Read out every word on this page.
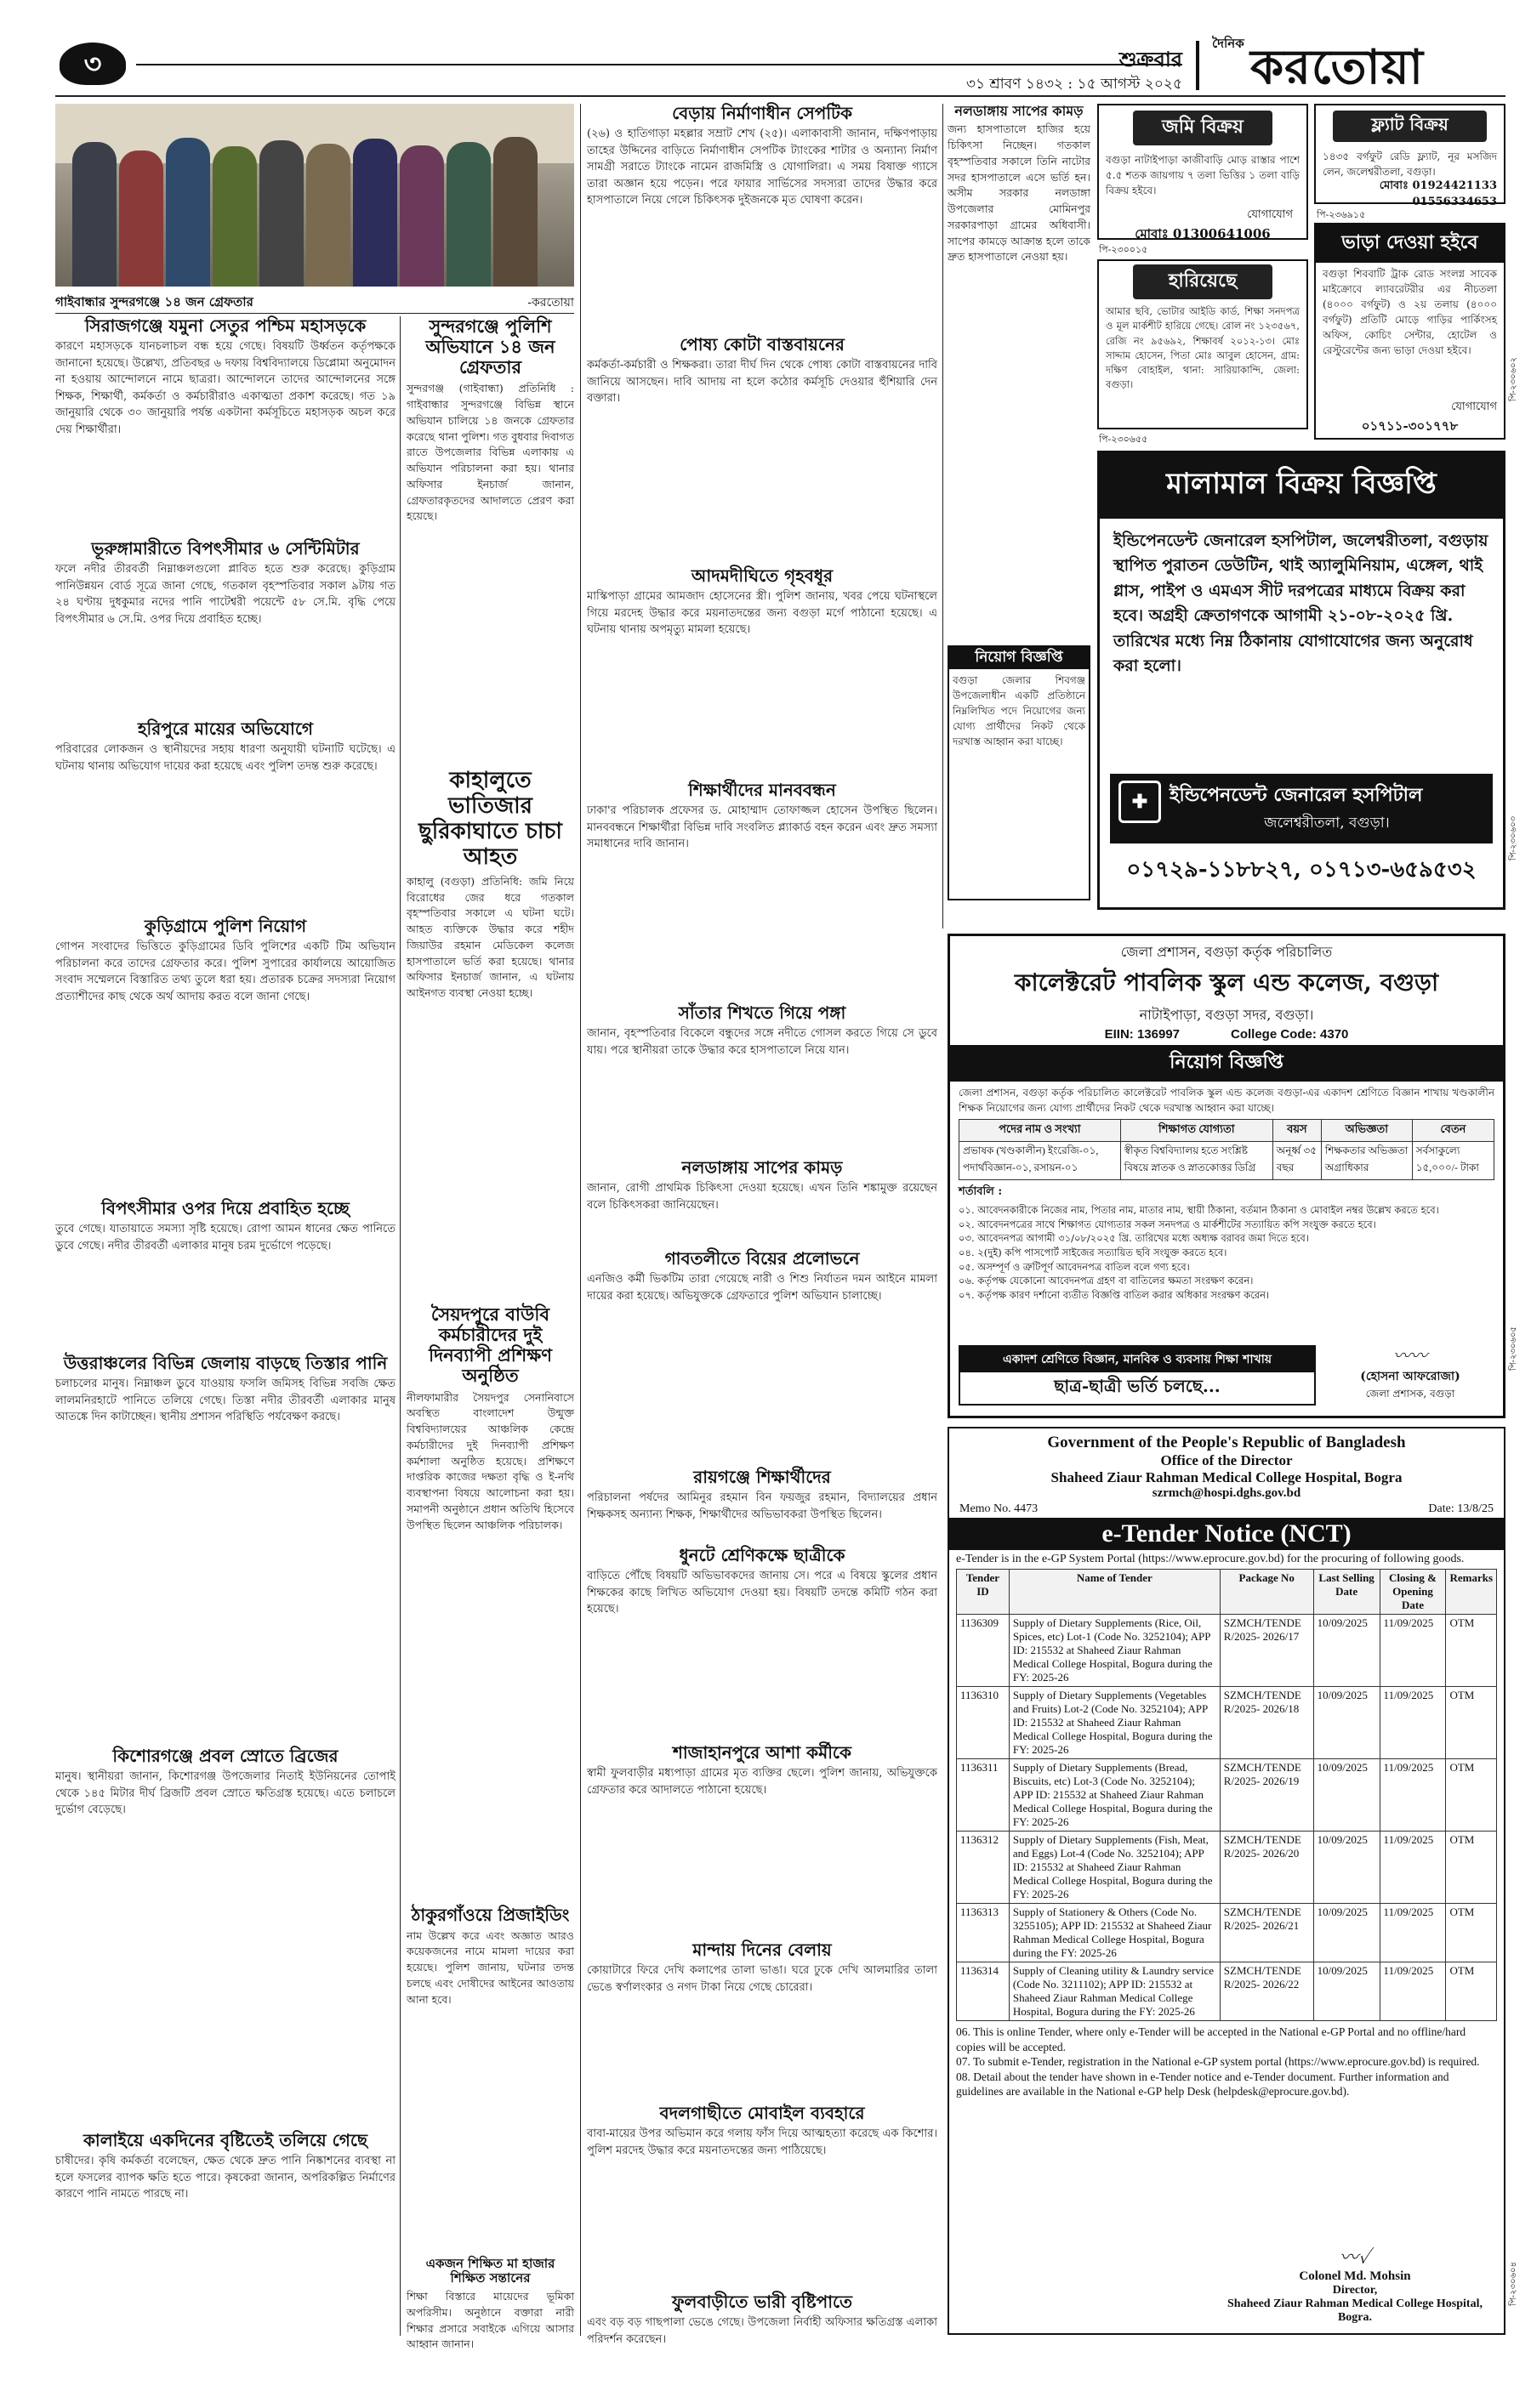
৩	শুক্রবার
৩১ শ্রাবণ ১৪৩২ : ১৫ আগস্ট ২০২৫
দৈনিক করতোয়া
গাইবান্ধার সুন্দরগঞ্জে ১৪ জন গ্রেফতার	-করতোয়া
সিরাজগঞ্জে যমুনা সেতুর পশ্চিম মহাসড়কে
কারণে মহাসড়কে যানচলাচল বন্ধ হয়ে গেছে। বিষয়টি উর্ধ্বতন কর্তৃপক্ষকে জানানো হয়েছে। উল্লেখ্য, প্রতিবছর ৬ দফায় বিশ্ববিদ্যালয়ে ডিপ্লোমা অনুমোদন না হওয়ায় আন্দোলনে নামে ছাত্ররা। আন্দোলনে তাদের আন্দোলনের সঙ্গে শিক্ষক, শিক্ষার্থী, কর্মকর্তা ও কর্মচারীরাও একাত্মতা প্রকাশ করেছে। গত ১৯ জানুয়ারি থেকে ৩০ জানুয়ারি পর্যন্ত একটানা কর্মসূচিতে মহাসড়ক অচল করে দেয় শিক্ষার্থীরা।
ভূরুঙ্গামারীতে বিপৎসীমার ৬ সেন্টিমিটার
ফলে নদীর তীরবর্তী নিম্নাঞ্চলগুলো প্লাবিত হতে শুরু করেছে। কুড়িগ্রাম পানিউন্নয়ন বোর্ড সূত্রে জানা গেছে, গতকাল বৃহস্পতিবার সকাল ৯টায় গত ২৪ ঘণ্টায় দুধকুমার নদের পানি পাটেশ্বরী পয়েন্টে ৫৮ সে.মি. বৃদ্ধি পেয়ে বিপৎসীমার ৬ সে.মি. ওপর দিয়ে প্রবাহিত হচ্ছে।
হরিপুরে মায়ের অভিযোগে
পরিবারের লোকজন ও স্থানীয়দের সহায় ধারণা অনুযায়ী ঘটনাটি ঘটেছে। এ ঘটনায় থানায় অভিযোগ দায়ের করা হয়েছে এবং পুলিশ তদন্ত শুরু করেছে।
কুড়িগ্রামে পুলিশ নিয়োগ
গোপন সংবাদের ভিত্তিতে কুড়িগ্রামের ডিবি পুলিশের একটি টিম অভিযান পরিচালনা করে তাদের গ্রেফতার করে। পুলিশ সুপারের কার্যালয়ে আয়োজিত সংবাদ সম্মেলনে বিস্তারিত তথ্য তুলে ধরা হয়। প্রতারক চক্রের সদস্যরা নিয়োগ প্রত্যাশীদের কাছ থেকে অর্থ আদায় করত বলে জানা গেছে।
বিপৎসীমার ওপর দিয়ে প্রবাহিত হচ্ছে
তুবে গেছে। যাতায়াতে সমস্যা সৃষ্টি হয়েছে। রোপা আমন ধানের ক্ষেত পানিতে ডুবে গেছে। নদীর তীরবর্তী এলাকার মানুষ চরম দুর্ভোগে পড়েছে।
উত্তরাঞ্চলের বিভিন্ন জেলায় বাড়ছে তিস্তার পানি
চলাচলের মানুষ। নিম্নাঞ্চল ডুবে যাওয়ায় ফসলি জমিসহ বিভিন্ন সবজি ক্ষেত লালমনিরহাটে পানিতে তলিয়ে গেছে। তিস্তা নদীর তীরবর্তী এলাকার মানুষ আতঙ্কে দিন কাটাচ্ছেন। স্থানীয় প্রশাসন পরিস্থিতি পর্যবেক্ষণ করছে।
কিশোরগঞ্জে প্রবল স্রোতে ব্রিজের
মানুষ। স্থানীয়রা জানান, কিশোরগঞ্জ উপজেলার নিতাই ইউনিয়নের তোপাই থেকে ১৪৫ মিটার দীর্ঘ ব্রিজটি প্রবল স্রোতে ক্ষতিগ্রস্ত হয়েছে। এতে চলাচলে দুর্ভোগ বেড়েছে।
কালাইয়ে একদিনের বৃষ্টিতেই তলিয়ে গেছে
চাষীদের। কৃষি কর্মকর্তা বলেছেন, ক্ষেত থেকে দ্রুত পানি নিষ্কাশনের ব্যবস্থা না হলে ফসলের ব্যাপক ক্ষতি হতে পারে। কৃষকেরা জানান, অপরিকল্পিত নির্মাণের কারণে পানি নামতে পারছে না।
সুন্দরগঞ্জে পুলিশি অভিযানে ১৪ জন গ্রেফতার
সুন্দরগঞ্জ (গাইবান্ধা) প্রতিনিধি : গাইবান্ধার সুন্দরগঞ্জে বিভিন্ন স্থানে অভিযান চালিয়ে ১৪ জনকে গ্রেফতার করেছে থানা পুলিশ। গত বুধবার দিবাগত রাতে উপজেলার বিভিন্ন এলাকায় এ অভিযান পরিচালনা করা হয়। থানার অফিসার ইনচার্জ জানান, গ্রেফতারকৃতদের আদালতে প্রেরণ করা হয়েছে।
কাহালুতে ভাতিজার ছুরিকাঘাতে চাচা আহত
কাহালু (বগুড়া) প্রতিনিধি: জমি নিয়ে বিরোধের জের ধরে গতকাল বৃহস্পতিবার সকালে এ ঘটনা ঘটে। আহত ব্যক্তিকে উদ্ধার করে শহীদ জিয়াউর রহমান মেডিকেল কলেজ হাসপাতালে ভর্তি করা হয়েছে। থানার অফিসার ইনচার্জ জানান, এ ঘটনায় আইনগত ব্যবস্থা নেওয়া হচ্ছে।
সৈয়দপুরে বাউবি কর্মচারীদের দুই দিনব্যাপী প্রশিক্ষণ অনুষ্ঠিত
নীলফামারীর সৈয়দপুর সেনানিবাসে অবস্থিত বাংলাদেশ উন্মুক্ত বিশ্ববিদ্যালয়ের আঞ্চলিক কেন্দ্রে কর্মচারীদের দুই দিনব্যাপী প্রশিক্ষণ কর্মশালা অনুষ্ঠিত হয়েছে। প্রশিক্ষণে দাপ্তরিক কাজের দক্ষতা বৃদ্ধি ও ই-নথি ব্যবস্থাপনা বিষয়ে আলোচনা করা হয়। সমাপনী অনুষ্ঠানে প্রধান অতিথি হিসেবে উপস্থিত ছিলেন আঞ্চলিক পরিচালক।
ঠাকুরগাঁওয়ে প্রিজাইডিং
নাম উল্লেখ করে এবং অজ্ঞাত আরও কয়েকজনের নামে মামলা দায়ের করা হয়েছে। পুলিশ জানায়, ঘটনার তদন্ত চলছে এবং দোষীদের আইনের আওতায় আনা হবে।
একজন শিক্ষিত মা হাজার শিক্ষিত সন্তানের
শিক্ষা বিস্তারে মায়েদের ভূমিকা অপরিসীম। অনুষ্ঠানে বক্তারা নারী শিক্ষার প্রসারে সবাইকে এগিয়ে আসার আহ্বান জানান।
বেড়ায় নির্মাণাধীন সেপটিক
(২৬) ও হাতিগাড়া মহল্লার সম্রাট শেখ (২৫)। এলাকাবাসী জানান, দক্ষিণপাড়ায় তাহের উদ্দিনের বাড়িতে নির্মাণাধীন সেপটিক ট্যাংকের শাটার ও অন্যান্য নির্মাণ সামগ্রী সরাতে ট্যাংকে নামেন রাজমিস্ত্রি ও যোগালিরা। এ সময় বিষাক্ত গ্যাসে তারা অজ্ঞান হয়ে পড়েন। পরে ফায়ার সার্ভিসের সদস্যরা তাদের উদ্ধার করে হাসপাতালে নিয়ে গেলে চিকিৎসক দুইজনকে মৃত ঘোষণা করেন।
পোষ্য কোটা বাস্তবায়নের
কর্মকর্তা-কর্মচারী ও শিক্ষকরা। তারা দীর্ঘ দিন থেকে পোষ্য কোটা বাস্তবায়নের দাবি জানিয়ে আসছেন। দাবি আদায় না হলে কঠোর কর্মসূচি দেওয়ার হুঁশিয়ারি দেন বক্তারা।
আদমদীঘিতে গৃহবধূর
মাস্কিপাড়া গ্রামের আমজাদ হোসেনের স্ত্রী। পুলিশ জানায়, খবর পেয়ে ঘটনাস্থলে গিয়ে মরদেহ উদ্ধার করে ময়নাতদন্তের জন্য বগুড়া মর্গে পাঠানো হয়েছে। এ ঘটনায় থানায় অপমৃত্যু মামলা হয়েছে।
শিক্ষার্থীদের মানববন্ধন
ঢাকা'র পরিচালক প্রফেসর ড. মোহাম্মাদ তোফাজ্জল হোসেন উপস্থিত ছিলেন। মানববন্ধনে শিক্ষার্থীরা বিভিন্ন দাবি সংবলিত প্ল্যাকার্ড বহন করেন এবং দ্রুত সমস্যা সমাধানের দাবি জানান।
সাঁতার শিখতে গিয়ে পঙ্গা
জানান, বৃহস্পতিবার বিকেলে বন্ধুদের সঙ্গে নদীতে গোসল করতে গিয়ে সে ডুবে যায়। পরে স্থানীয়রা তাকে উদ্ধার করে হাসপাতালে নিয়ে যান।
নলডাঙ্গায় সাপের কামড়
জানান, রোগী প্রাথমিক চিকিৎসা দেওয়া হয়েছে। এখন তিনি শঙ্কামুক্ত রয়েছেন বলে চিকিৎসকরা জানিয়েছেন।
গাবতলীতে বিয়ের প্রলোভনে
এনজিও কর্মী ভিকটিম তারা গেয়েছে নারী ও শিশু নির্যাতন দমন আইনে মামলা দায়ের করা হয়েছে। অভিযুক্তকে গ্রেফতারে পুলিশ অভিযান চালাচ্ছে।
রায়গঞ্জে শিক্ষার্থীদের
পরিচালনা পর্ষদের আমিনুর রহমান বিন ফয়জুর রহমান, বিদ্যালয়ের প্রধান শিক্ষকসহ অন্যান্য শিক্ষক, শিক্ষার্থীদের অভিভাবকরা উপস্থিত ছিলেন।
ধুনটে শ্রেণিকক্ষে ছাত্রীকে
বাড়িতে পৌঁছে বিষয়টি অভিভাবকদের জানায় সে। পরে এ বিষয়ে স্কুলের প্রধান শিক্ষকের কাছে লিখিত অভিযোগ দেওয়া হয়। বিষয়টি তদন্তে কমিটি গঠন করা হয়েছে।
শাজাহানপুরে আশা কর্মীকে
স্বামী ফুলবাড়ীর মধ্যপাড়া গ্রামের মৃত ব্যক্তির ছেলে। পুলিশ জানায়, অভিযুক্তকে গ্রেফতার করে আদালতে পাঠানো হয়েছে।
মান্দায় দিনের বেলায়
কোয়াটারে ফিরে দেখি কলাপের তালা ভাঙা। ঘরে ঢুকে দেখি আলমারির তালা ভেঙে স্বর্ণালংকার ও নগদ টাকা নিয়ে গেছে চোরেরা।
বদলগাছীতে মোবাইল ব্যবহারে
বাবা-মায়ের উপর অভিমান করে গলায় ফাঁস দিয়ে আত্মহত্যা করেছে এক কিশোর। পুলিশ মরদেহ উদ্ধার করে ময়নাতদন্তের জন্য পাঠিয়েছে।
ফুলবাড়ীতে ভারী বৃষ্টিপাতে
এবং বড় বড় গাছপালা ভেঙে গেছে। উপজেলা নির্বাহী অফিসার ক্ষতিগ্রস্ত এলাকা পরিদর্শন করেছেন।
নলডাঙ্গায় সাপের কামড়
জন্য হাসপাতালে হাজির হয়ে চিকিৎসা নিচ্ছেন। গতকাল বৃহস্পতিবার সকালে তিনি নাটোর সদর হাসপাতালে এসে ভর্তি হন। অসীম সরকার নলডাঙ্গা উপজেলার মোমিনপুর সরকারপাড়া গ্রামের অধিবাসী। সাপের কামড়ে আক্রান্ত হলে তাকে দ্রুত হাসপাতালে নেওয়া হয়।
নিয়োগ বিজ্ঞপ্তি
বগুড়া জেলার শিবগঞ্জ উপজেলাধীন একটি প্রতিষ্ঠানে নিম্নলিখিত পদে নিয়োগের জন্য যোগ্য প্রার্থীদের নিকট থেকে দরখাস্ত আহ্বান করা যাচ্ছে।
জমি বিক্রয়
বগুড়া নাটাইপাড়া কাজীবাড়ি মোড় রাস্তার পাশে ৫.৫ শতক জায়গায় ৭ তলা ভিত্তির ১ তলা বাড়ি বিক্রয় হইবে।
যোগাযোগ
মোবাঃ 01300641006
পি-২৩০০১৫
ফ্ল্যাট বিক্রয়
১৪৩৫ বর্গফুট রেডি ফ্ল্যাট, নূর মসজিদ লেন, জলেশ্বরীতলা, বগুড়া।
মোবাঃ 01924421133
01556334653
পি-২৩৬৯১৫
হারিয়েছে
আমার ছবি, ভোটার আইডি কার্ড, শিক্ষা সনদপত্র ও মূল মার্কশীট হারিয়ে গেছে। রোল নং ১২৩৫৬৭, রেজি নং ৯৫৬৯২, শিক্ষাবর্ষ ২০১২-১৩। মোঃ সাদ্দাম হোসেন, পিতা মোঃ আবুল হোসেন, গ্রাম: দক্ষিণ বোহাইল, থানা: সারিয়াকান্দি, জেলা: বগুড়া।
পি-২৩০৬৫৫
ভাড়া দেওয়া হইবে
বগুড়া শিববাটি ট্রাক রোড সংলগ্ন সাবেক মাইক্রোবে ল্যাবরেটরীর এর নীচতলা (৪০০০ বর্গফুট) ও ২য় তলায় (৪০০০ বর্গফুট) প্রতিটি মোড়ে গাড়ির পার্কিংসহ অফিস, কোচিং সেন্টার, হোটেল ও রেস্টুরেন্টের জন্য ভাড়া দেওয়া হইবে।
যোগাযোগ
০১৭১১-৩০১৭৭৮
মালামাল বিক্রয় বিজ্ঞপ্তি
ইন্ডিপেনডেন্ট জেনারেল হসপিটাল, জলেশ্বরীতলা, বগুড়ায় স্থাপিত পুরাতন ডেউটিন, থাই অ্যালুমিনিয়াম, এঙ্গেল, থাই গ্লাস, পাইপ ও এমএস সীট দরপত্রের মাধ্যমে বিক্রয় করা হবে। অগ্রহী ক্রেতাগণকে আগামী ২১-০৮-২০২৫ খ্রি. তারিখের মধ্যে নিম্ন ঠিকানায় যোগাযোগের জন্য অনুরোধ করা হলো।
✚	ইন্ডিপেনডেন্ট জেনারেল হসপিটাল
জলেশ্বরীতলা, বগুড়া।
০১৭২৯-১১৮৮২৭, ০১৭১৩-৬৫৯৫৩২
পি-২৩০৬০২
পি-২৩০৬০৩
পি-২৩০৬০৫
পি-২৩০৬০৪
জেলা প্রশাসন, বগুড়া কর্তৃক পরিচালিত
কালেক্টরেট পাবলিক স্কুল এন্ড কলেজ, বগুড়া
নাটাইপাড়া, বগুড়া সদর, বগুড়া।
EIIN: 136997	College Code: 4370
নিয়োগ বিজ্ঞপ্তি
জেলা প্রশাসন, বগুড়া কর্তৃক পরিচালিত কালেক্টরেট পাবলিক স্কুল এন্ড কলেজ বগুড়া-এর একাদশ শ্রেণিতে বিজ্ঞান শাখায় খণ্ডকালীন শিক্ষক নিয়োগের জন্য যোগ্য প্রার্থীদের নিকট থেকে দরখাস্ত আহ্বান করা যাচ্ছে।
পদের নাম ও সংখ্যা	শিক্ষাগত যোগ্যতা	বয়স	অভিজ্ঞতা	বেতন
প্রভাষক (খণ্ডকালীন) ইংরেজি-০১, পদার্থবিজ্ঞান-০১, রসায়ন-০১	স্বীকৃত বিশ্ববিদ্যালয় হতে সংশ্লিষ্ট বিষয়ে স্নাতক ও স্নাতকোত্তর ডিগ্রি	অনূর্ধ্ব ৩৫ বছর	শিক্ষকতার অভিজ্ঞতা অগ্রাধিকার	সর্বসাকুল্যে ১৫,০০০/- টাকা
শর্তাবলি :
০১. আবেদনকারীকে নিজের নাম, পিতার নাম, মাতার নাম, স্থায়ী ঠিকানা, বর্তমান ঠিকানা ও মোবাইল নম্বর উল্লেখ করতে হবে।
০২. আবেদনপত্রের সাথে শিক্ষাগত যোগ্যতার সকল সনদপত্র ও মার্কশীটের সত্যায়িত কপি সংযুক্ত করতে হবে।
০৩. আবেদনপত্র আগামী ৩১/০৮/২০২৫ খ্রি. তারিখের মধ্যে অধ্যক্ষ বরাবর জমা দিতে হবে।
০৪. ২(দুই) কপি পাসপোর্ট সাইজের সত্যায়িত ছবি সংযুক্ত করতে হবে।
০৫. অসম্পূর্ণ ও ত্রুটিপূর্ণ আবেদনপত্র বাতিল বলে গণ্য হবে।
০৬. কর্তৃপক্ষ যেকোনো আবেদনপত্র গ্রহণ বা বাতিলের ক্ষমতা সংরক্ষণ করেন।
০৭. কর্তৃপক্ষ কারণ দর্শানো ব্যতীত বিজ্ঞপ্তি বাতিল করার অধিকার সংরক্ষণ করেন।
একাদশ শ্রেণিতে বিজ্ঞান, মানবিক ও ব্যবসায় শিক্ষা শাখায়
ছাত্র-ছাত্রী ভর্তি চলছে...
〰〰
(হোসনা আফরোজা)
জেলা প্রশাসক, বগুড়া
Government of the People's Republic of Bangladesh
Office of the Director
Shaheed Ziaur Rahman Medical College Hospital, Bogra
szrmch@hospi.dghs.gov.bd
Memo No. 4473	Date: 13/8/25
e-Tender Notice (NCT)
e-Tender is in the e-GP System Portal (https://www.eprocure.gov.bd) for the procuring of following goods.
Tender ID	Name of Tender	Package No	Last Selling Date	Closing & Opening Date	Remarks
1136309	Supply of Dietary Supplements (Rice, Oil, Spices, etc) Lot-1 (Code No. 3252104); APP ID: 215532 at Shaheed Ziaur Rahman Medical College Hospital, Bogura during the FY: 2025-26	SZMCH/TENDE R/2025- 2026/17	10/09/2025	11/09/2025	OTM
1136310	Supply of Dietary Supplements (Vegetables and Fruits) Lot-2 (Code No. 3252104); APP ID: 215532 at Shaheed Ziaur Rahman Medical College Hospital, Bogura during the FY: 2025-26	SZMCH/TENDE R/2025- 2026/18	10/09/2025	11/09/2025	OTM
1136311	Supply of Dietary Supplements (Bread, Biscuits, etc) Lot-3 (Code No. 3252104); APP ID: 215532 at Shaheed Ziaur Rahman Medical College Hospital, Bogura during the FY: 2025-26	SZMCH/TENDE R/2025- 2026/19	10/09/2025	11/09/2025	OTM
1136312	Supply of Dietary Supplements (Fish, Meat, and Eggs) Lot-4 (Code No. 3252104); APP ID: 215532 at Shaheed Ziaur Rahman Medical College Hospital, Bogura during the FY: 2025-26	SZMCH/TENDE R/2025- 2026/20	10/09/2025	11/09/2025	OTM
1136313	Supply of Stationery & Others (Code No. 3255105); APP ID: 215532 at Shaheed Ziaur Rahman Medical College Hospital, Bogura during the FY: 2025-26	SZMCH/TENDE R/2025- 2026/21	10/09/2025	11/09/2025	OTM
1136314	Supply of Cleaning utility & Laundry service (Code No. 3211102); APP ID: 215532 at Shaheed Ziaur Rahman Medical College Hospital, Bogura during the FY: 2025-26	SZMCH/TENDE R/2025- 2026/22	10/09/2025	11/09/2025	OTM
06. This is online Tender, where only e-Tender will be accepted in the National e-GP Portal and no offline/hard copies will be accepted.
07. To submit e-Tender, registration in the National e-GP system portal (https://www.eprocure.gov.bd) is required.
08. Detail about the tender have shown in e-Tender notice and e-Tender document. Further information and guidelines are available in the National e-GP help Desk (helpdesk@eprocure.gov.bd).
〰✓
Colonel Md. Mohsin
Director,
Shaheed Ziaur Rahman Medical College Hospital,
Bogra.
